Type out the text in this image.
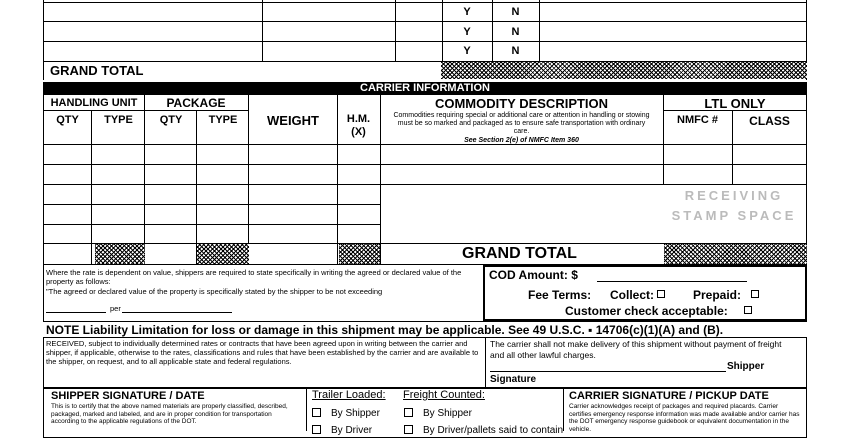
Y	N
Y	N
Y	N
GRAND TOTAL
CARRIER INFORMATION
HANDLING UNIT	PACKAGE
QTY	TYPE	QTY	TYPE	WEIGHT	H.M.
(X)
COMMODITY DESCRIPTION
Commodities requiring special or additional care or attention in handling or stowing must be so marked and packaged as to ensure safe transportation with ordinary care.
See Section 2(e) of NMFC Item 360
LTL ONLY
NMFC #	CLASS
RECEIVING
STAMP SPACE
GRAND TOTAL
Where the rate is dependent on value, shippers are required to state specifically in writing the agreed or declared value of the property as follows:
"The agreed or declared value of the property is specifically stated by the shipper to be not exceeding
per
COD Amount: $
Fee Terms: Collect:	Prepaid:
Customer check acceptable:
NOTE Liability Limitation for loss or damage in this shipment may be applicable. See 49 U.S.C. ▪ 14706(c)(1)(A) and (B).
RECEIVED, subject to individually determined rates or contracts that have been agreed upon in writing between the carrier and shipper, if applicable, otherwise to the rates, classifications and rules that have been established by the carrier and are available to the shipper, on request, and to all applicable state and federal regulations.
The carrier shall not make delivery of this shipment without payment of freight and all other lawful charges.
Shipper
Signature
SHIPPER SIGNATURE / DATE
This is to certify that the above named materials are properly classified, described, packaged, marked and labeled, and are in proper condition for transportation according to the applicable regulations of the DOT.
Trailer Loaded:
By Shipper
By Driver
Freight Counted:
By Shipper
By Driver/pallets said to contain
CARRIER SIGNATURE / PICKUP DATE
Carrier acknowledges receipt of packages and required placards. Carrier certifies emergency response information was made available and/or carrier has the DOT emergency response guidebook or equivalent documentation in the vehicle.
